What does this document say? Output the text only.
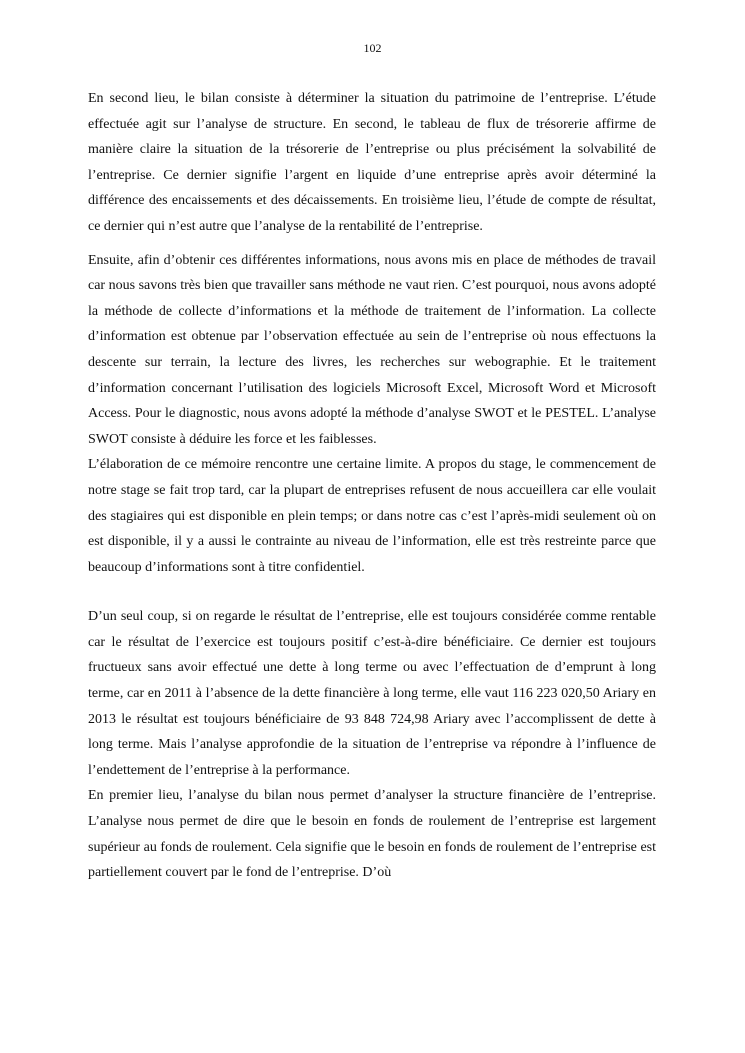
102

En second lieu, le bilan consiste à déterminer la situation du patrimoine de l’entreprise. L’étude effectuée agit sur l’analyse de structure. En second, le tableau de flux de trésorerie affirme de manière claire la situation de la trésorerie de l’entreprise ou plus précisément la solvabilité de l’entreprise. Ce dernier signifie l’argent en liquide d’une entreprise après avoir déterminé la différence des encaissements et des décaissements. En troisième lieu, l’étude de compte de résultat, ce dernier qui n’est autre que l’analyse de la rentabilité de l’entreprise.

Ensuite, afin d’obtenir ces différentes informations, nous avons mis en place de méthodes de travail car nous savons très bien que travailler sans méthode ne vaut rien. C’est pourquoi, nous avons adopté la méthode de collecte d’informations et la méthode de traitement de l’information. La collecte d’information est obtenue par l’observation effectuée au sein de l’entreprise où nous effectuons la descente sur terrain, la lecture des livres, les recherches sur webographie. Et le traitement d’information concernant l’utilisation des logiciels Microsoft Excel, Microsoft Word et Microsoft Access. Pour le diagnostic, nous avons adopté la méthode d’analyse SWOT et le PESTEL. L’analyse SWOT consiste à déduire les force et les faiblesses.

L’élaboration de ce mémoire rencontre une certaine limite. A propos du stage, le commencement de notre stage se fait trop tard, car la plupart de entreprises refusent de nous accueillera car elle voulait des stagiaires qui est disponible en plein temps; or dans notre cas c’est l’après-midi seulement où on est disponible, il y a aussi le contrainte au niveau de l’information, elle est très restreinte parce que beaucoup d’informations sont à titre confidentiel.

D’un seul coup, si on regarde le résultat de l’entreprise, elle est toujours considérée comme rentable car le résultat de l’exercice est toujours positif c’est-à-dire bénéficiaire. Ce dernier est toujours fructueux sans avoir effectué une dette à long terme ou avec l’effectuation de d’emprunt à long terme, car en 2011 à l’absence de la dette financière à long terme, elle vaut 116 223 020,50 Ariary en 2013 le résultat est toujours bénéficiaire de 93 848 724,98 Ariary avec l’accomplissent de dette à long terme. Mais l’analyse approfondie de la situation de l’entreprise va répondre à l’influence de l’endettement de l’entreprise à la performance.

En premier lieu, l’analyse du bilan nous permet d’analyser la structure financière de l’entreprise. L’analyse nous permet de dire que le besoin en fonds de roulement de l’entreprise est largement supérieur au fonds de roulement. Cela signifie que le besoin en fonds de roulement de l’entreprise est partiellement couvert par le fond de l’entreprise. D’où
